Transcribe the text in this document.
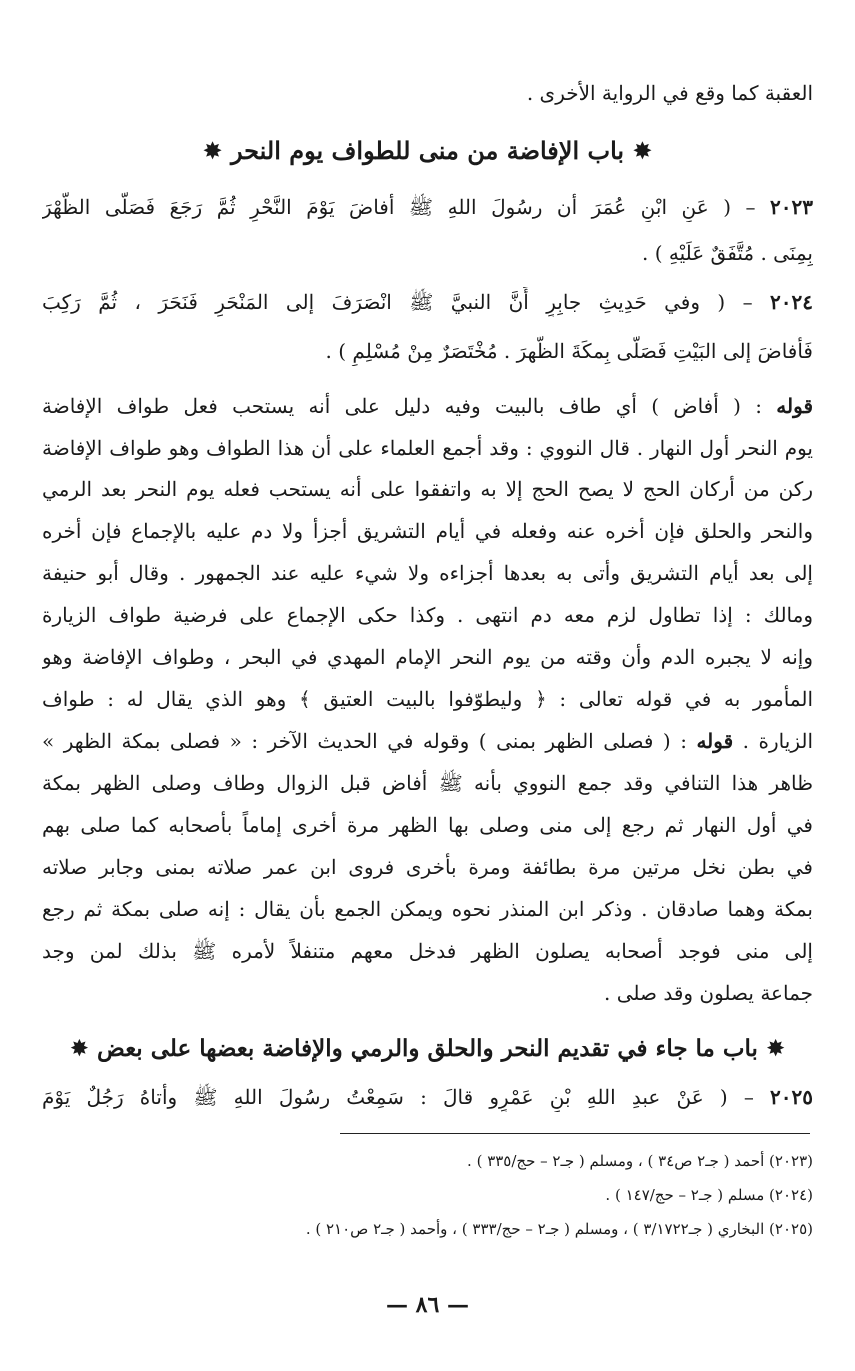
العقبة كما وقع في الرواية الأخرى .
✸ باب الإفاضة من منى للطواف يوم النحر ✸
٢٠٢٣ – ( عَنِ ابْنِ عُمَرَ أن رسُولَ اللهِ ﷺ أفاضَ يَوْمَ النَّحْرِ ثُمَّ رَجَعَ فَصَلَّى الظُّهْرَ
بِمِنَى . مُتَّفَقٌ عَلَيْهِ ) .
٢٠٢٤ – ( وفي حَدِيثِ جابِرٍ أَنَّ النبيَّ ﷺ انْصَرَفَ إلى المَنْحَرِ فَنَحَرَ ، ثُمَّ رَكِبَ
فَأَفاضَ إلى البَيْتِ فَصَلَّى بِمكَةَ الظُّهرَ . مُخْتَصَرٌ مِنْ مُسْلِمٍ ) .
قوله : ( أفاض ) أي طاف بالبيت وفيه دليل على أنه يستحب فعل طواف الإفاضة
يوم النحر أول النهار . قال النووي : وقد أجمع العلماء على أن هذا الطواف وهو طواف الإفاضة
ركن من أركان الحج لا يصح الحج إلا به واتفقوا على أنه يستحب فعله يوم النحر بعد الرمي
والنحر والحلق فإن أخره عنه وفعله في أيام التشريق أجزأ ولا دم عليه بالإجماع فإن أخره
إلى بعد أيام التشريق وأتى به بعدها أجزاءه ولا شيء عليه عند الجمهور . وقال أبو حنيفة
ومالك : إذا تطاول لزم معه دم انتهى . وكذا حكى الإجماع على فرضية طواف الزيارة
وإنه لا يجبره الدم وأن وقته من يوم النحر الإمام المهدي في البحر ، وطواف الإفاضة وهو
المأمور به في قوله تعالى : ﴿ وليطوّفوا بالبيت العتيق ﴾ وهو الذي يقال له : طواف
الزيارة . قوله : ( فصلى الظهر بمنى ) وقوله في الحديث الآخر : « فصلى بمكة الظهر »
ظاهر هذا التنافي وقد جمع النووي بأنه ﷺ أفاض قبل الزوال وطاف وصلى الظهر بمكة
في أول النهار ثم رجع إلى منى وصلى بها الظهر مرة أخرى إماماً بأصحابه كما صلى بهم
في بطن نخل مرتين مرة بطائفة ومرة بأخرى فروى ابن عمر صلاته بمنى وجابر صلاته
بمكة وهما صادقان . وذكر ابن المنذر نحوه ويمكن الجمع بأن يقال : إنه صلى بمكة ثم رجع
إلى منى فوجد أصحابه يصلون الظهر فدخل معهم متنفلاً لأمره ﷺ بذلك لمن وجد
جماعة يصلون وقد صلى .
✸ باب ما جاء في تقديم النحر والحلق والرمي والإفاضة بعضها على بعض ✸
٢٠٢٥ – ( عَنْ عبدِ اللهِ بْنِ عَمْرٍو قالَ : سَمِعْتُ رسُولَ اللهِ ﷺ وأتاهُ رَجُلٌ يَوْمَ
(٢٠٢٣) أحمد ( جـ٢ ص٣٤ ) ، ومسلم ( جـ٢ – حج/٣٣٥ ) .
(٢٠٢٤) مسلم ( جـ٢ – حج/١٤٧ ) .
(٢٠٢٥) البخاري ( جـ٣/١٧٢٢ ) ، ومسلم ( جـ٢ – حج/٣٣٣ ) ، وأحمد ( جـ٢ ص٢١٠ ) .
— ٨٦ —
